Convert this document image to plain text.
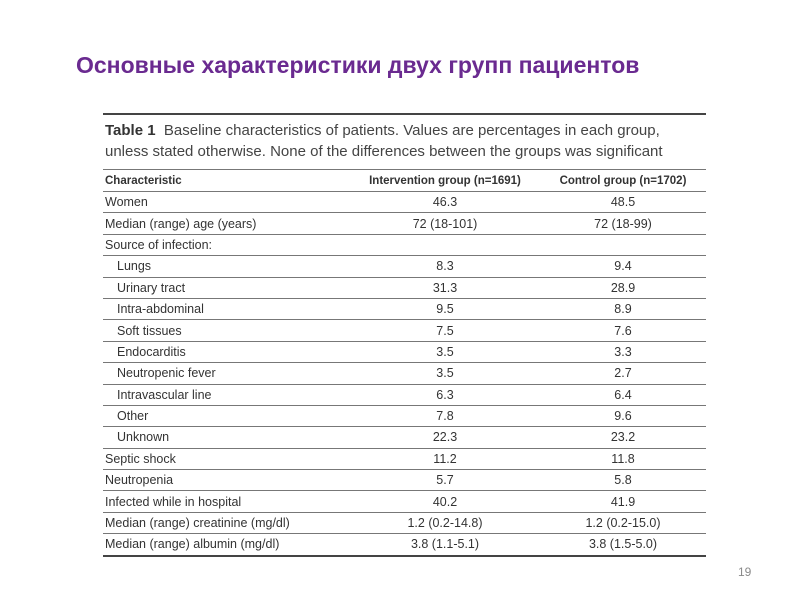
Основные характеристики двух групп пациентов
Table 1 Baseline characteristics of patients. Values are percentages in each group,
unless stated otherwise. None of the differences between the groups was significant
Characteristic	Intervention group (n=1691)	Control group (n=1702)
Women	46.3	48.5
Median (range) age (years)	72 (18-101)	72 (18-99)
Source of infection:		
Lungs	8.3	9.4
Urinary tract	31.3	28.9
Intra-abdominal	9.5	8.9
Soft tissues	7.5	7.6
Endocarditis	3.5	3.3
Neutropenic fever	3.5	2.7
Intravascular line	6.3	6.4
Other	7.8	9.6
Unknown	22.3	23.2
Septic shock	11.2	11.8
Neutropenia	5.7	5.8
Infected while in hospital	40.2	41.9
Median (range) creatinine (mg/dl)	1.2 (0.2-14.8)	1.2 (0.2-15.0)
Median (range) albumin (mg/dl)	3.8 (1.1-5.1)	3.8 (1.5-5.0)
19
